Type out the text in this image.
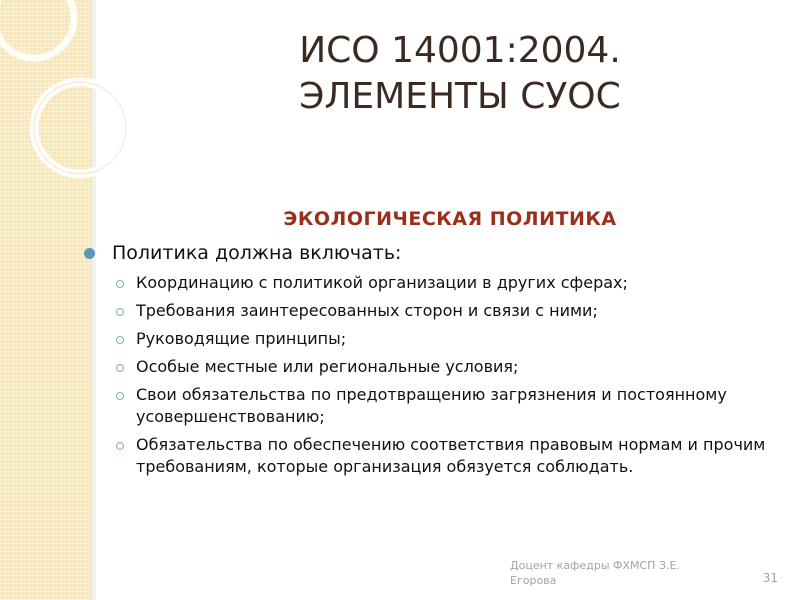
ИСО 14001:2004.
ЭЛЕМЕНТЫ СУОС
ЭКОЛОГИЧЕСКАЯ ПОЛИТИКА
Политика должна включать:
Координацию с политикой организации в других сферах;
Требования заинтересованных сторон и связи с ними;
Руководящие принципы;
Особые местные или региональные условия;
Свои обязательства по предотвращению загрязнения и постоянному усовершенствованию;
Обязательства по обеспечению соответствия правовым нормам и прочим требованиям, которые организация обязуется соблюдать.
Доцент кафедры ФХМСП З.Е. Егорова	31
